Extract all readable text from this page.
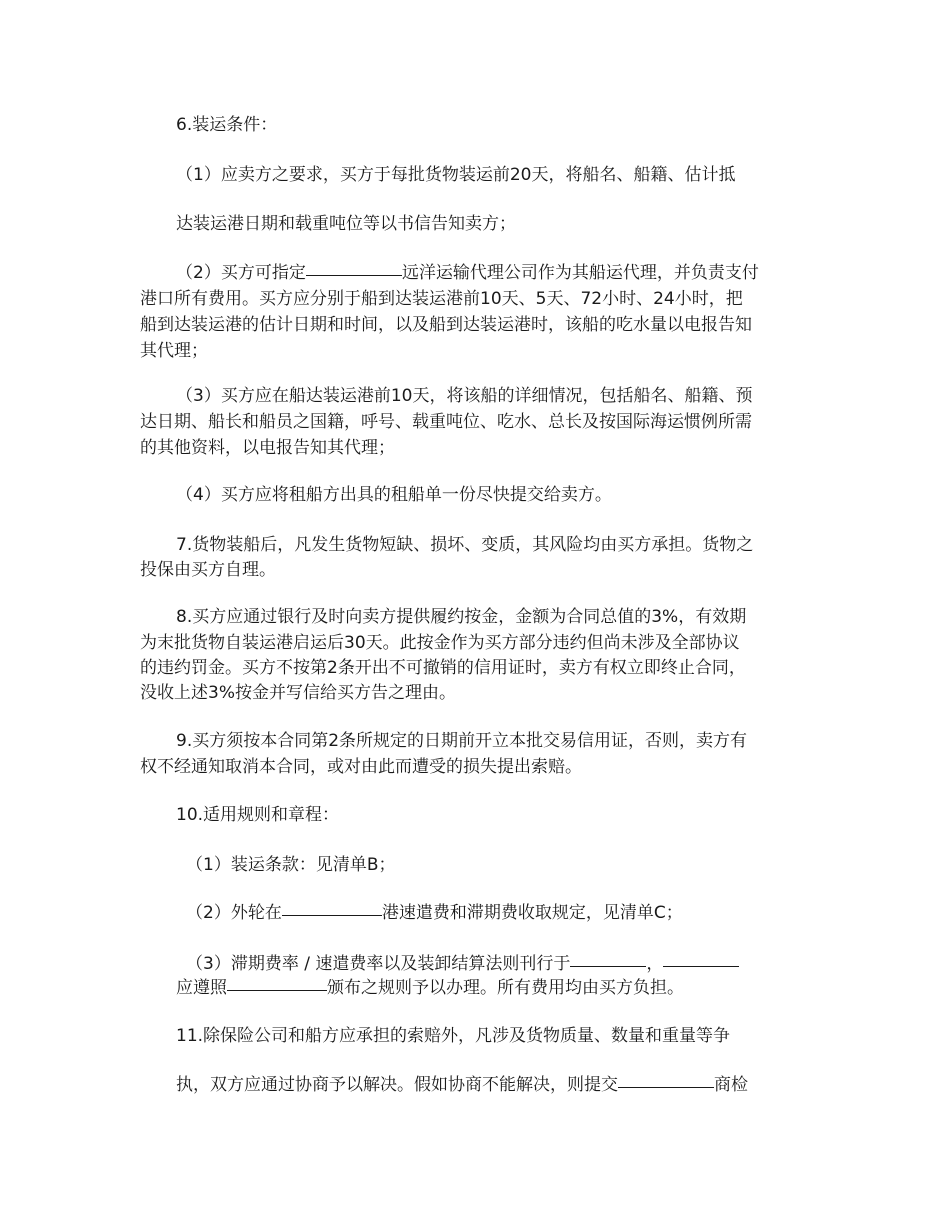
6.装运条件：
（1）应卖方之要求，买方于每批货物装运前20天，将船名、船籍、估计抵
达装运港日期和载重吨位等以书信告知卖方；
（2）买方可指定	远洋运输代理公司作为其船运代理，并负责支付
港口所有费用。买方应分别于船到达装运港前10天、5天、72小时、24小时，把
船到达装运港的估计日期和时间，以及船到达装运港时，该船的吃水量以电报告知
其代理；
（3）买方应在船达装运港前10天，将该船的详细情况，包括船名、船籍、预
达日期、船长和船员之国籍，呼号、载重吨位、吃水、总长及按国际海运惯例所需
的其他资料，以电报告知其代理；
（4）买方应将租船方出具的租船单一份尽快提交给卖方。
7.货物装船后，凡发生货物短缺、损坏、变质，其风险均由买方承担。货物之
投保由买方自理。
8.买方应通过银行及时向卖方提供履约按金，金额为合同总值的3%，有效期
为末批货物自装运港启运后30天。此按金作为买方部分违约但尚未涉及全部协议
的违约罚金。买方不按第2条开出不可撤销的信用证时，卖方有权立即终止合同，
没收上述3%按金并写信给买方告之理由。
9.买方须按本合同第2条所规定的日期前开立本批交易信用证，否则，卖方有
权不经通知取消本合同，或对由此而遭受的损失提出索赔。
10.适用规则和章程：
（1）装运条款：见清单B；
（2）外轮在	港速遣费和滞期费收取规定，见清单C；
（3）滞期费率 / 速遣费率以及装卸结算法则刊行于	，
应遵照	颁布之规则予以办理。所有费用均由买方负担。
11.除保险公司和船方应承担的索赔外，凡涉及货物质量、数量和重量等争
执，双方应通过协商予以解决。假如协商不能解决，则提交	商检
